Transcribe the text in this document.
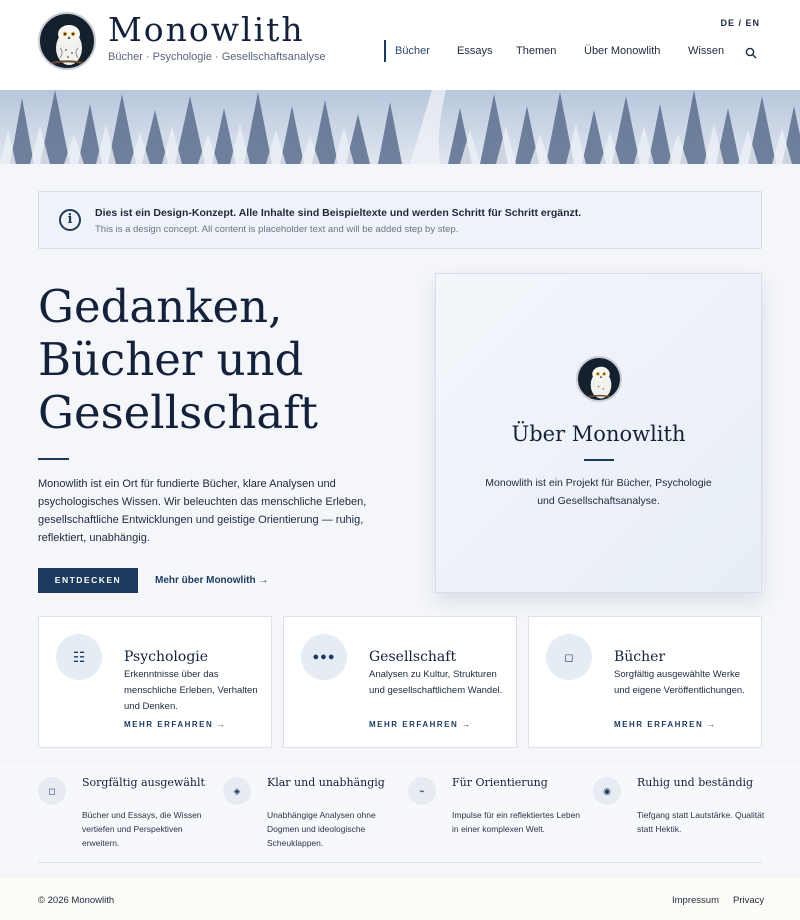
Monowlith
Bücher · Psychologie · Gesellschaftsanalyse
DE / EN
Bücher Essays Themen	Über Monowlith	Wissen
i	Dies ist ein Design-Konzept. Alle Inhalte sind Beispieltexte und werden Schritt für Schritt ergänzt.
This is a design concept. All content is placeholder text and will be added step by step.
Gedanken,
Bücher und
Gesellschaft
Monowlith ist ein Ort für fundierte Bücher, klare Analysen und psychologisches Wissen. Wir beleuchten das menschliche Erleben, gesellschaftliche Entwicklungen und geistige Orientierung — ruhig, reflektiert, unabhängig.
ENTDECKEN	Mehr über Monowlith →
Über Monowlith
Monowlith ist ein Projekt für Bücher, Psychologie und Gesellschaftsanalyse.
☷	Psychologie
Erkenntnisse über das menschliche Erleben, Verhalten und Denken.
MEHR ERFAHREN →
●●●	Gesellschaft
Analysen zu Kultur, Strukturen und gesellschaftlichem Wandel.
MEHR ERFAHREN →
◻	Bücher
Sorgfältig ausgewählte Werke und eigene Veröffentlichungen.
MEHR ERFAHREN →
◻
Sorgfältig ausgewählt
Bücher und Essays, die Wissen vertiefen und Perspektiven erweitern.
◈
Klar und unabhängig
Unabhängige Analysen ohne Dogmen und ideologische Scheuklappen.
⌁
Für Orientierung
Impulse für ein reflektiertes Leben in einer komplexen Welt.
◉
Ruhig und beständig
Tiefgang statt Lautstärke. Qualität statt Hektik.
© 2026 Monowlith	Impressum Privacy
